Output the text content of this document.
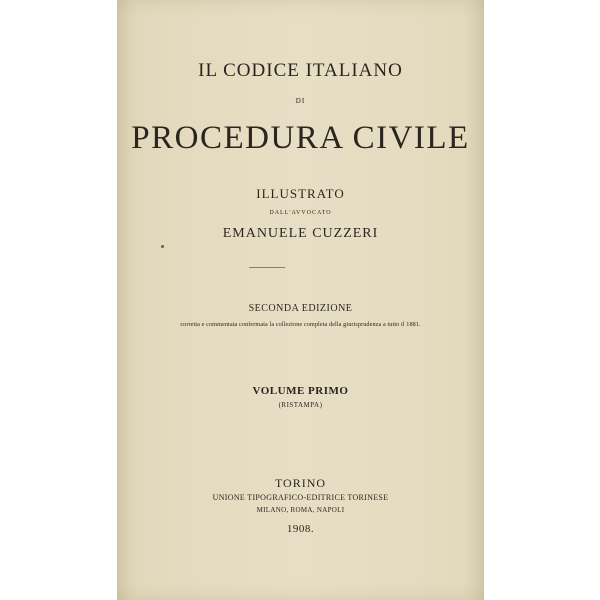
IL CODICE ITALIANO
DI
PROCEDURA CIVILE
ILLUSTRATO
DALL'AVVOCATO
EMANUELE CUZZERI
SECONDA EDIZIONE
corretta e commentata confermata la collezione completa della giurisprudenza a tutto il 1881.
VOLUME PRIMO
(RISTAMPA)
TORINO
UNIONE TIPOGRAFICO-EDITRICE TORINESE
MILANO, ROMA, NAPOLI
1908.
